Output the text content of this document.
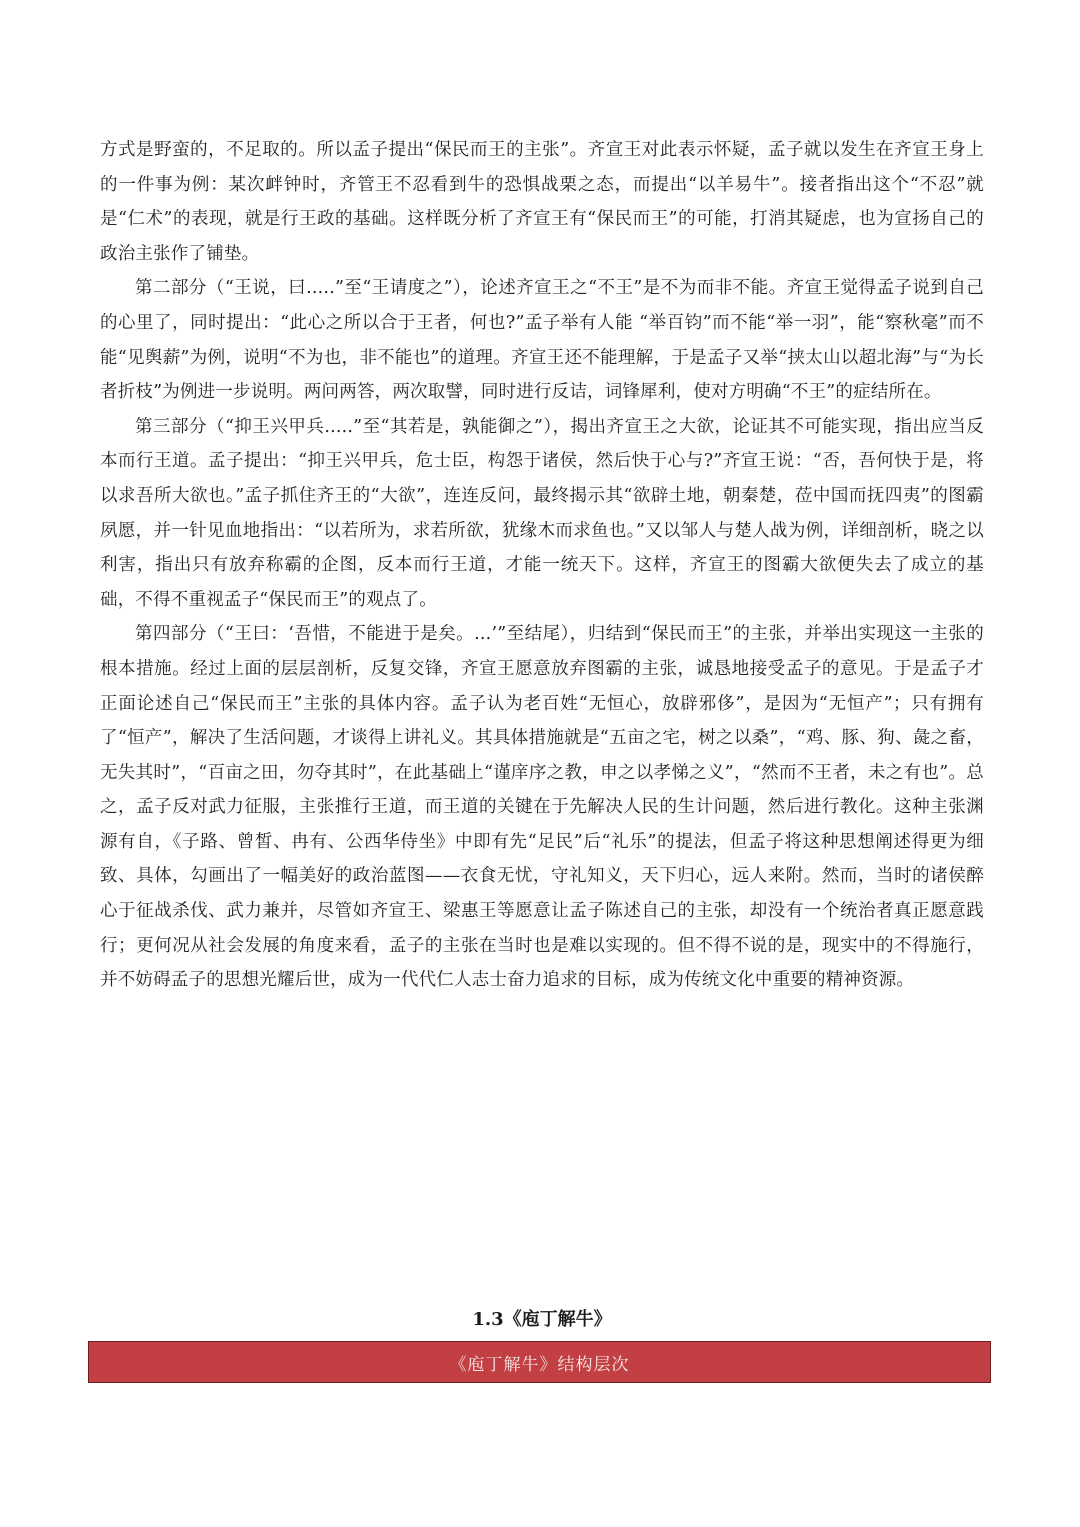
方式是野蛮的，不足取的。所以孟子提出“保民而王的主张”。齐宣王对此表示怀疑，孟子就以发生在齐宣王身上的一件事为例：某次衅钟时，齐管王不忍看到牛的恐惧战栗之态，而提出“以羊易牛”。接者指出这个“不忍”就是“仁术”的表现，就是行王政的基础。这样既分析了齐宣王有“保民而王”的可能，打消其疑虑，也为宣扬自己的政治主张作了铺垫。

第二部分（“王说，曰.....”至“王请度之”），论述齐宣王之“不王”是不为而非不能。齐宣王觉得孟子说到自己的心里了，同时提出：“此心之所以合于王者，何也?”孟子举有人能 “举百钧”而不能“举一羽”，能“察秋毫”而不能“见舆薪”为例，说明“不为也，非不能也”的道理。齐宣王还不能理解，于是孟子又举“挟太山以超北海”与“为长者折枝”为例进一步说明。两问两答，两次取譬，同时进行反诘，词锋犀利，使对方明确“不王”的症结所在。

第三部分（“抑王兴甲兵.....”至“其若是，孰能御之”），揭出齐宣王之大欲，论证其不可能实现，指出应当反本而行王道。孟子提出：“抑王兴甲兵，危士臣，构怨于诸侯，然后快于心与?”齐宣王说：“否，吾何快于是，将以求吾所大欲也。”孟子抓住齐王的“大欲”，连连反问，最终揭示其“欲辟土地，朝秦楚，莅中国而抚四夷”的图霸夙愿，并一针见血地指出：“以若所为，求若所欲，犹缘木而求鱼也。”又以邹人与楚人战为例，详细剖析，晓之以利害，指出只有放弃称霸的企图，反本而行王道，才能一统天下。这样，齐宣王的图霸大欲便失去了成立的基础，不得不重视孟子“保民而王”的观点了。

第四部分（“王曰：‘吾惜，不能进于是矣。...’”至结尾），归结到“保民而王”的主张，并举出实现这一主张的根本措施。经过上面的层层剖析，反复交锋，齐宣王愿意放弃图霸的主张，诚恳地接受孟子的意见。于是孟子才正面论述自己“保民而王”主张的具体内容。孟子认为老百姓“无恒心，放辟邪侈”，是因为“无恒产”；只有拥有了“恒产”，解决了生活问题，才谈得上讲礼义。其具体措施就是“五亩之宅，树之以桑”，“鸡、豚、狗、彘之畜，无失其时”，“百亩之田，勿夺其时”，在此基础上“谨庠序之教，申之以孝悌之义”，“然而不王者，未之有也”。总之，孟子反对武力征服，主张推行王道，而王道的关键在于先解决人民的生计问题，然后进行教化。这种主张渊源有自，《子路、曾皙、冉有、公西华侍坐》中即有先“足民”后“礼乐”的提法，但孟子将这种思想阐述得更为细致、具体，勾画出了一幅美好的政治蓝图——衣食无忧，守礼知义，天下归心，远人来附。然而，当时的诸侯醉心于征战杀伐、武力兼并，尽管如齐宣王、梁惠王等愿意让孟子陈述自己的主张，却没有一个统治者真正愿意践行；更何况从社会发展的角度来看，孟子的主张在当时也是难以实现的。但不得不说的是，现实中的不得施行，并不妨碍孟子的思想光耀后世，成为一代代仁人志士奋力追求的目标，成为传统文化中重要的精神资源。

1.3《庖丁解牛》
《庖丁解牛》结构层次
